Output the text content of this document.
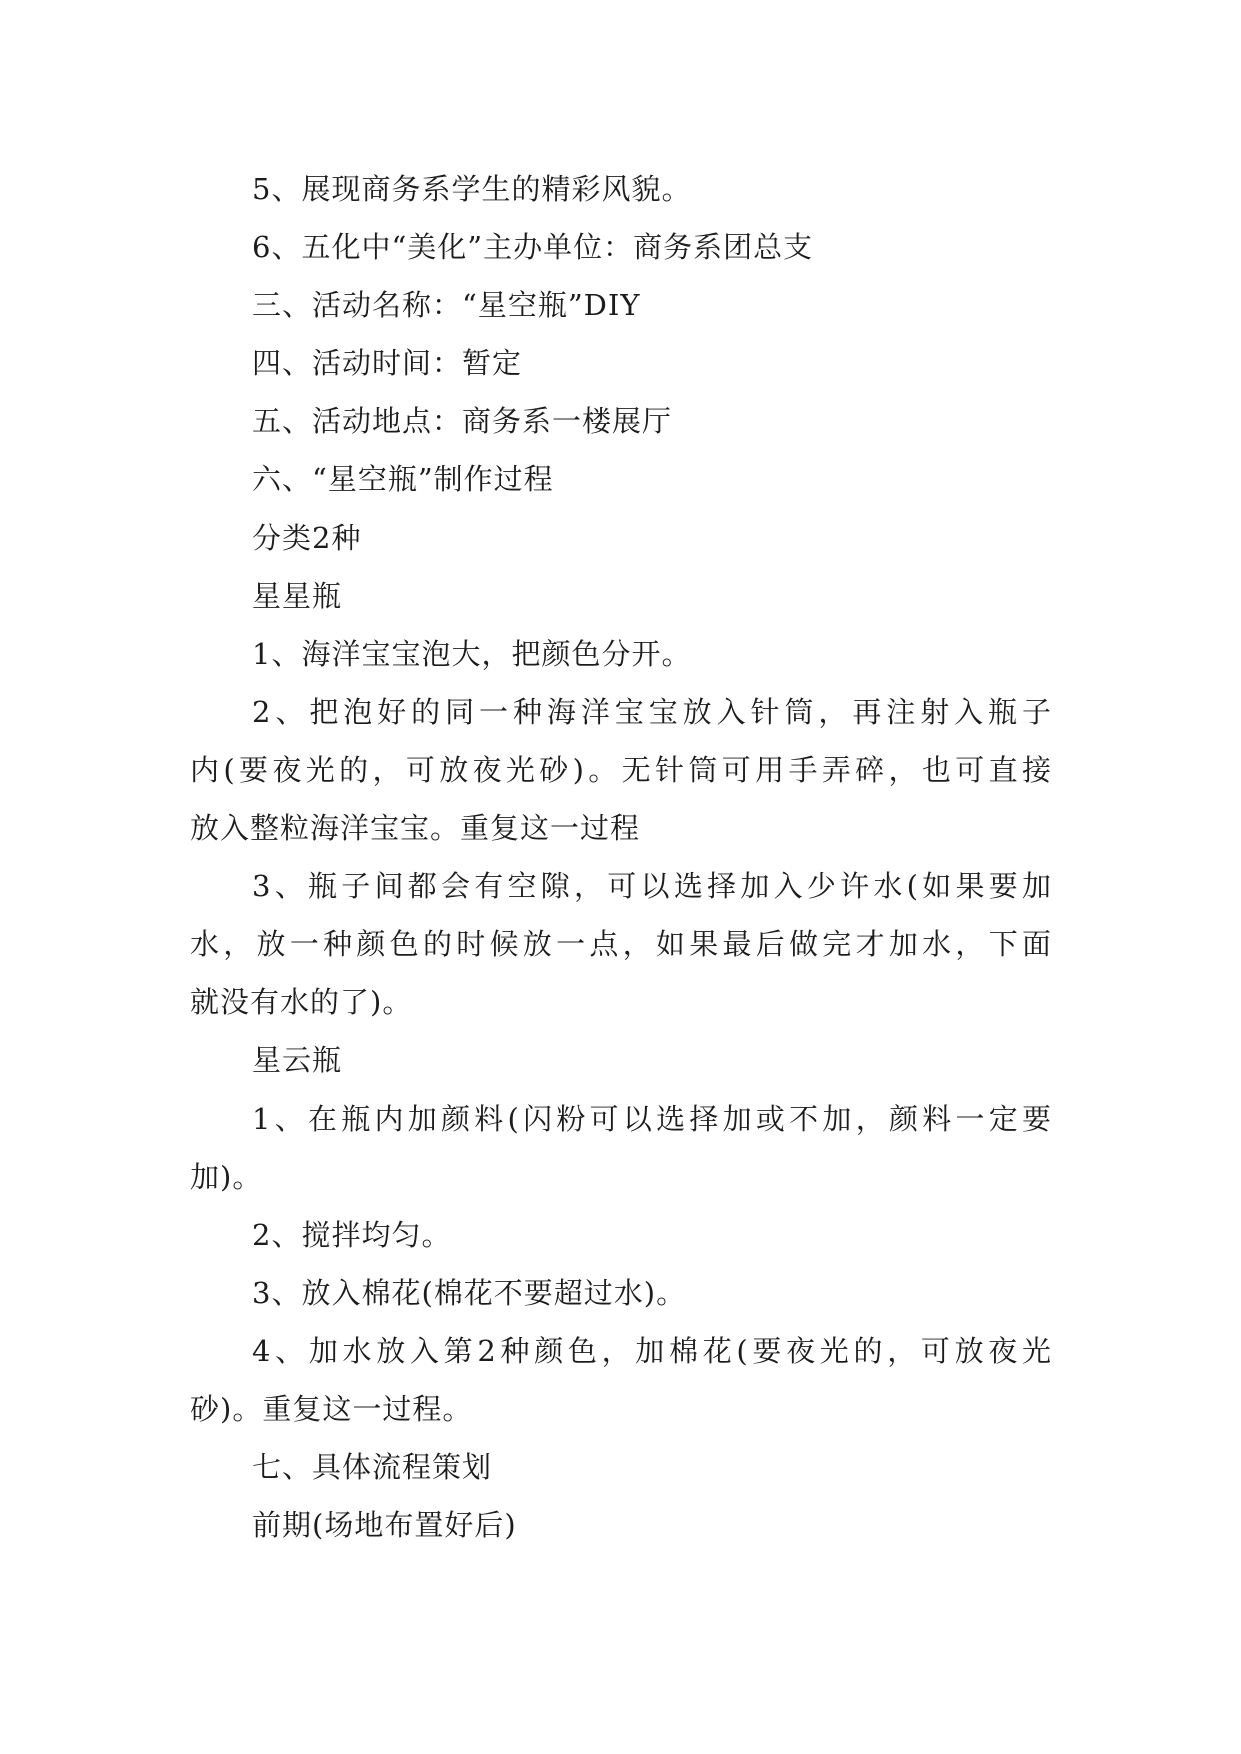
5、展现商务系学生的精彩风貌。
6、五化中“美化”主办单位：商务系团总支
三、活动名称：“星空瓶”DIY
四、活动时间：暂定
五、活动地点：商务系一楼展厅
六、“星空瓶”制作过程
分类2种
星星瓶
1、海洋宝宝泡大，把颜色分开。
2、把泡好的同一种海洋宝宝放入针筒，再注射入瓶子
内(要夜光的，可放夜光砂)。无针筒可用手弄碎，也可直接
放入整粒海洋宝宝。重复这一过程
3、瓶子间都会有空隙，可以选择加入少许水(如果要加
水，放一种颜色的时候放一点，如果最后做完才加水，下面
就没有水的了)。
星云瓶
1、在瓶内加颜料(闪粉可以选择加或不加，颜料一定要
加)。
2、搅拌均匀。
3、放入棉花(棉花不要超过水)。
4、加水放入第2种颜色，加棉花(要夜光的，可放夜光
砂)。重复这一过程。
七、具体流程策划
前期(场地布置好后)
